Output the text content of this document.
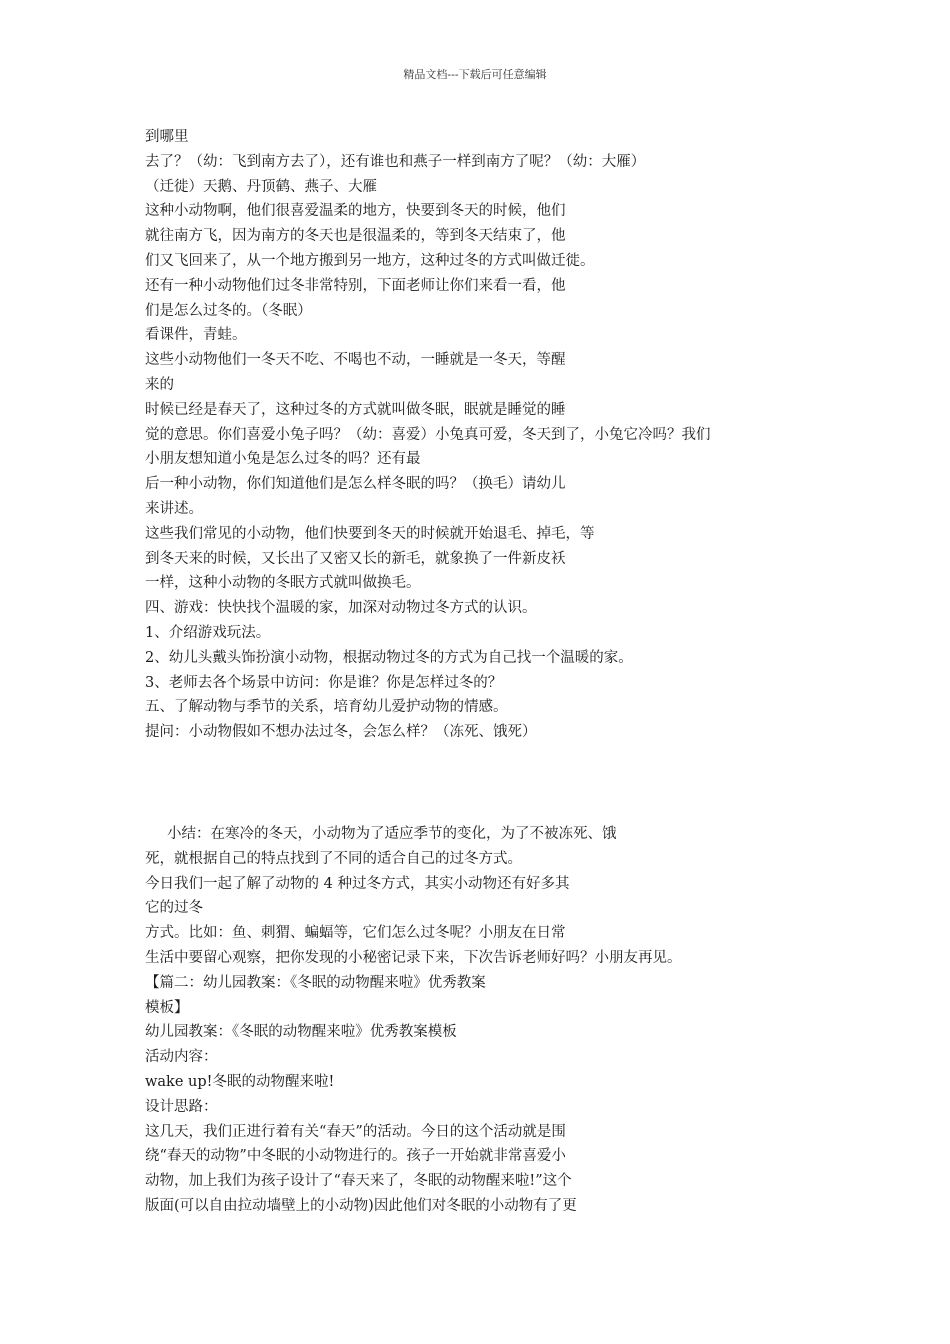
精品文档---下载后可任意编辑
到哪里
去了？（幼：飞到南方去了），还有谁也和燕子一样到南方了呢？（幼：大雁）
（迁徙）天鹅、丹顶鹤、燕子、大雁
这种小动物啊，他们很喜爱温柔的地方，快要到冬天的时候，他们
就往南方飞，因为南方的冬天也是很温柔的，等到冬天结束了，他
们又飞回来了，从一个地方搬到另一地方，这种过冬的方式叫做迁徙。
还有一种小动物他们过冬非常特别，下面老师让你们来看一看，他
们是怎么过冬的。（冬眠）
看课件，青蛙。
这些小动物他们一冬天不吃、不喝也不动，一睡就是一冬天，等醒
来的
时候已经是春天了，这种过冬的方式就叫做冬眠，眠就是睡觉的睡
觉的意思。你们喜爱小兔子吗？（幼：喜爱）小兔真可爱，冬天到了，小兔它冷吗？我们
小朋友想知道小兔是怎么过冬的吗？还有最
后一种小动物，你们知道他们是怎么样冬眠的吗？（换毛）请幼儿
来讲述。
这些我们常见的小动物，他们快要到冬天的时候就开始退毛、掉毛，等
到冬天来的时候，又长出了又密又长的新毛，就象换了一件新皮袄
一样，这种小动物的冬眠方式就叫做换毛。
四、游戏：快快找个温暖的家，加深对动物过冬方式的认识。
1、介绍游戏玩法。
2、幼儿头戴头饰扮演小动物，根据动物过冬的方式为自己找一个温暖的家。
3、老师去各个场景中访问：你是谁？你是怎样过冬的？
五、了解动物与季节的关系，培育幼儿爱护动物的情感。
提问：小动物假如不想办法过冬，会怎么样？（冻死、饿死）
小结：在寒冷的冬天，小动物为了适应季节的变化，为了不被冻死、饿
死，就根据自己的特点找到了不同的适合自己的过冬方式。
今日我们一起了解了动物的 4 种过冬方式，其实小动物还有好多其
它的过冬
方式。比如：鱼、刺猬、蝙蝠等，它们怎么过冬呢？小朋友在日常
生活中要留心观察，把你发现的小秘密记录下来，下次告诉老师好吗？小朋友再见。
【篇二：幼儿园教案：《冬眠的动物醒来啦》优秀教案
模板】
幼儿园教案：《冬眠的动物醒来啦》优秀教案模板
活动内容：
wake up!冬眠的动物醒来啦!
设计思路：
这几天，我们正进行着有关“春天”的活动。今日的这个活动就是围
绕“春天的动物”中冬眠的小动物进行的。孩子一开始就非常喜爱小
动物，加上我们为孩子设计了“春天来了，冬眠的动物醒来啦!”这个
版面(可以自由拉动墙壁上的小动物)因此他们对冬眠的小动物有了更
